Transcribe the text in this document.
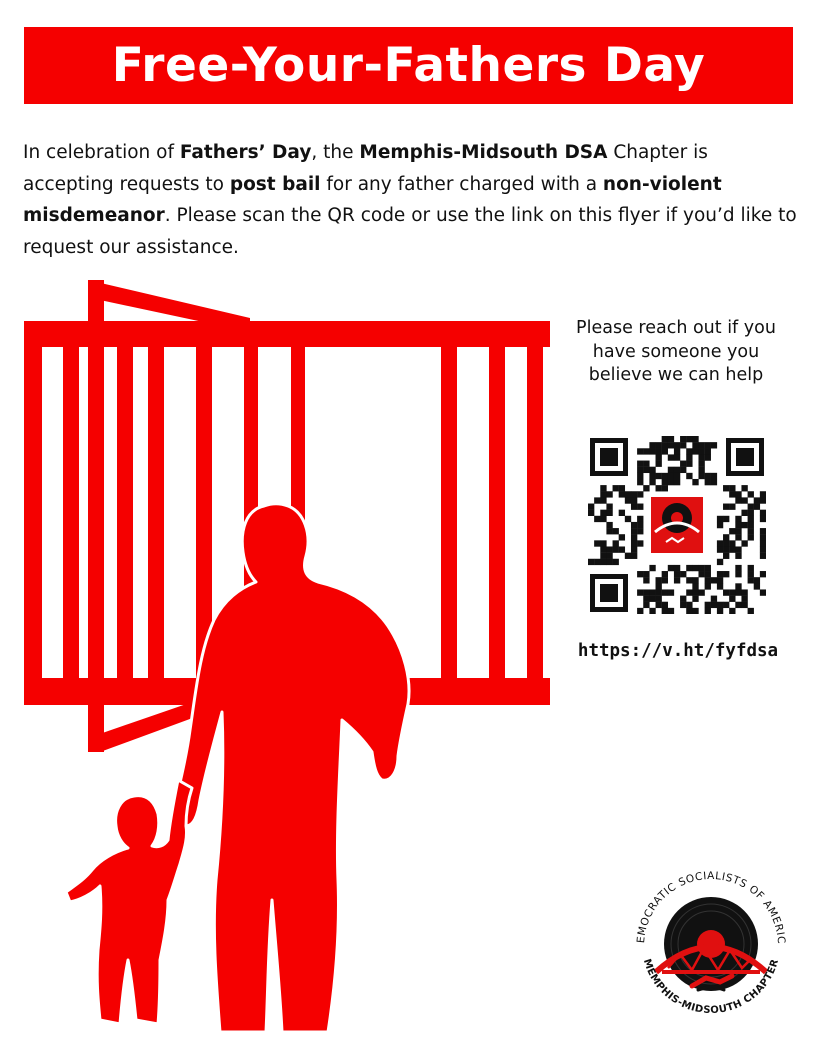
Free-Your-Fathers Day

In celebration of Fathers’ Day, the Memphis-Midsouth DSA Chapter is accepting requests to post bail for any father charged with a non-violent misdemeanor. Please scan the QR code or use the link on this flyer if you’d like to request our assistance.

Please reach out if you have someone you believe we can help

https://v.ht/fyfdsa
EMOCRATIC SOCIALISTS OF AMERIC
MEMPHIS-MIDSOUTH CHAPTER
